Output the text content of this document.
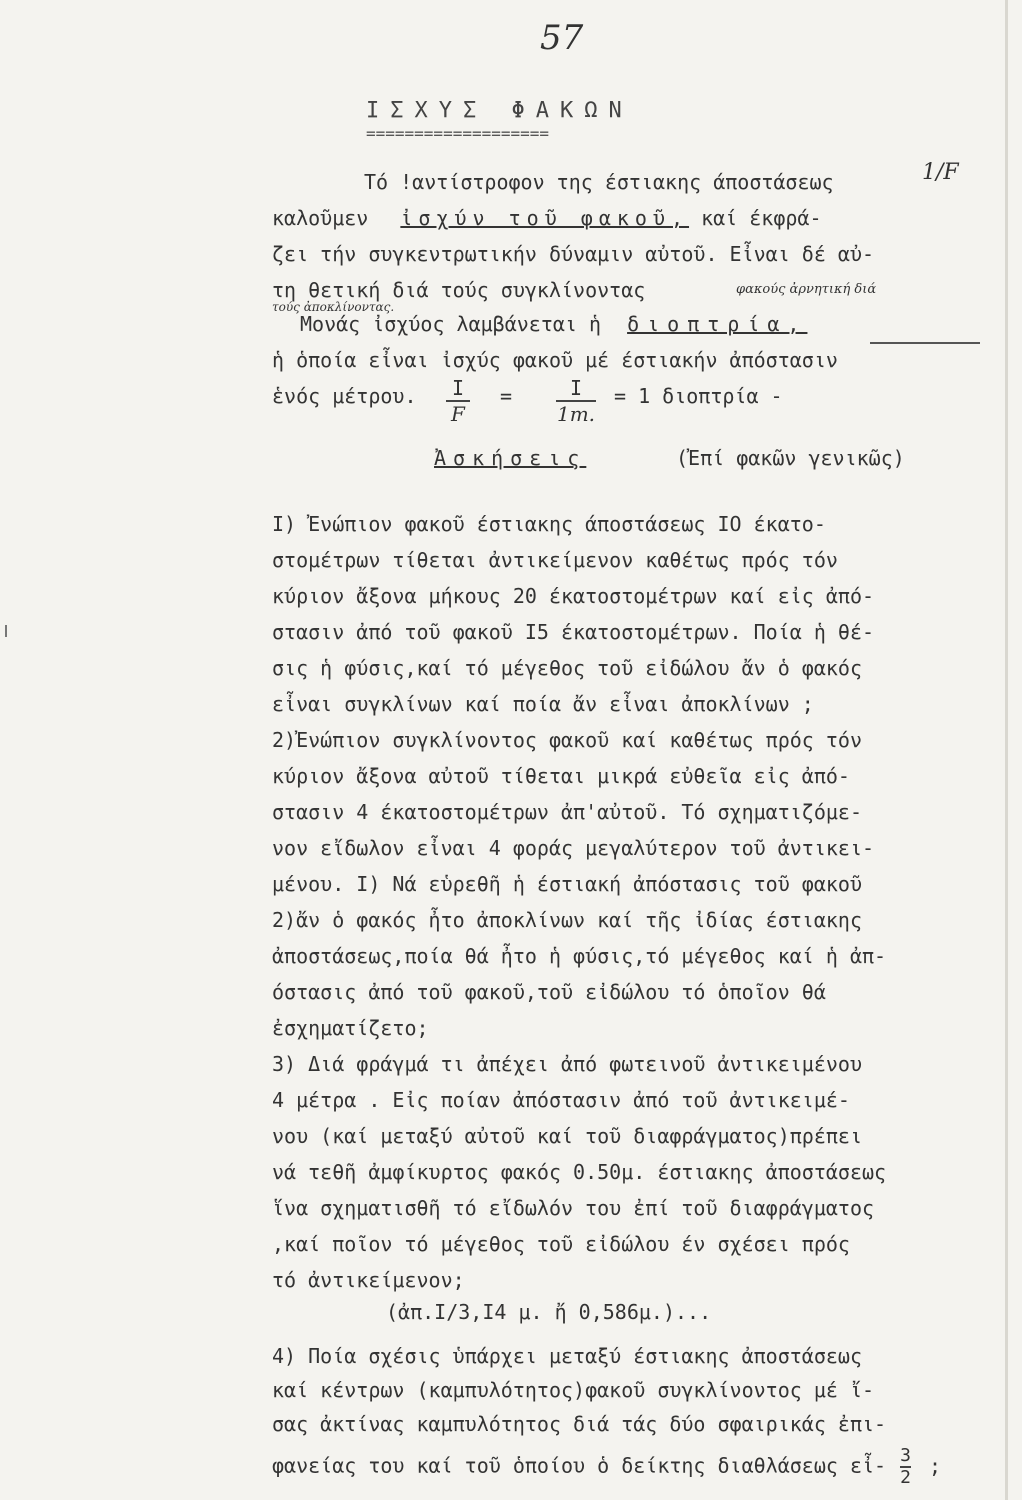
57
ΙΣΧΥΣ ΦΑΚΩΝ
===================
Τό !αντίστροφον της έστιακης άποστάσεως	1/F
καλοῦμεν ἰσχύν τοῦ φακοῦ, καί έκφρά-
ζει τήν συγκεντρωτικήν δύναμιν αὐτοῦ. Εἶναι δέ αὐ-
τη θετική διά τούς συγκλίνοντας	φακούς ἀρνητική διά
τούς ἀποκλίνοντας.
Μονάς ἰσχύος λαμβάνεται ἡ διοπτρία,
ἡ ὁποία εἶναι ἰσχύς φακοῦ μέ έστιακήν ἀπόστασιν
ἑνός μέτρου. $\frac{I}{F} = \frac{I}{1m.} = 1$ διοπτρία -
Ἀσκήσεις	(Ἐπί φακῶν γενικῶς)
I) Ἐνώπιον φακοῦ έστιακης άποστάσεως IO έκατο-
στομέτρων τίθεται ἀντικείμενον καθέτως πρός τόν
κύριον ἄξονα μήκους 20 έκατοστομέτρων καί εἰς ἀπό-
στασιν ἀπό τοῦ φακοῦ I5 έκατοστομέτρων. Ποία ἡ θέ-
σις ἡ φύσις,καί τό μέγεθος τοῦ εἰδώλου ἄν ὁ φακός
εἶναι συγκλίνων καί ποία ἄν εἶναι ἀποκλίνων ;
2)Ἐνώπιον συγκλίνοντος φακοῦ καί καθέτως πρός τόν
κύριον ἄξονα αὐτοῦ τίθεται μικρά εὐθεῖα εἰς ἀπό-
στασιν 4 έκατοστομέτρων ἀπ'αὐτοῦ. Τό σχηματιζόμε-
νον εἴδωλον εἶναι 4 φοράς μεγαλύτερον τοῦ ἀντικει-
μένου. I) Νά εὑρεθῆ ἡ έστιακή ἀπόστασις τοῦ φακοῦ
2)ἄν ὁ φακός ἦτο ἀποκλίνων καί τῆς ἰδίας έστιακης
ἀποστάσεως,ποία θά ἦτο ἡ φύσις,τό μέγεθος καί ἡ ἀπ-
όστασις ἀπό τοῦ φακοῦ,τοῦ εἰδώλου τό ὁποῖον θά
ἐσχηματίζετο;
3) Διά φράγμά τι ἀπέχει ἀπό φωτεινοῦ ἀντικειμένου
4 μέτρα . Εἰς ποίαν ἀπόστασιν ἀπό τοῦ ἀντικειμέ-
νου (καί μεταξύ αὐτοῦ καί τοῦ διαφράγματος)πρέπει
νά τεθῆ ἀμφίκυρτος φακός 0.50μ. έστιακης ἀποστάσεως
ἵνα σχηματισθῆ τό εἴδωλόν του ἐπί τοῦ διαφράγματος
,καί ποῖον τό μέγεθος τοῦ εἰδώλου έν σχέσει πρός
τό ἀντικείμενον;
(ἀπ.I/3,I4 μ. ἤ 0,586μ.)...
4) Ποία σχέσις ὑπάρχει μεταξύ έστιακης ἀποστάσεως
καί κέντρων (καμπυλότητος)φακοῦ συγκλίνοντος μέ ἴ-
σας ἀκτίνας καμπυλότητος διά τάς δύο σφαιρικάς ἐπι-
φανείας του καί τοῦ ὁποίου ὁ δείκτης διαθλάσεως εἶ- $\frac{3}{2}$ ;
